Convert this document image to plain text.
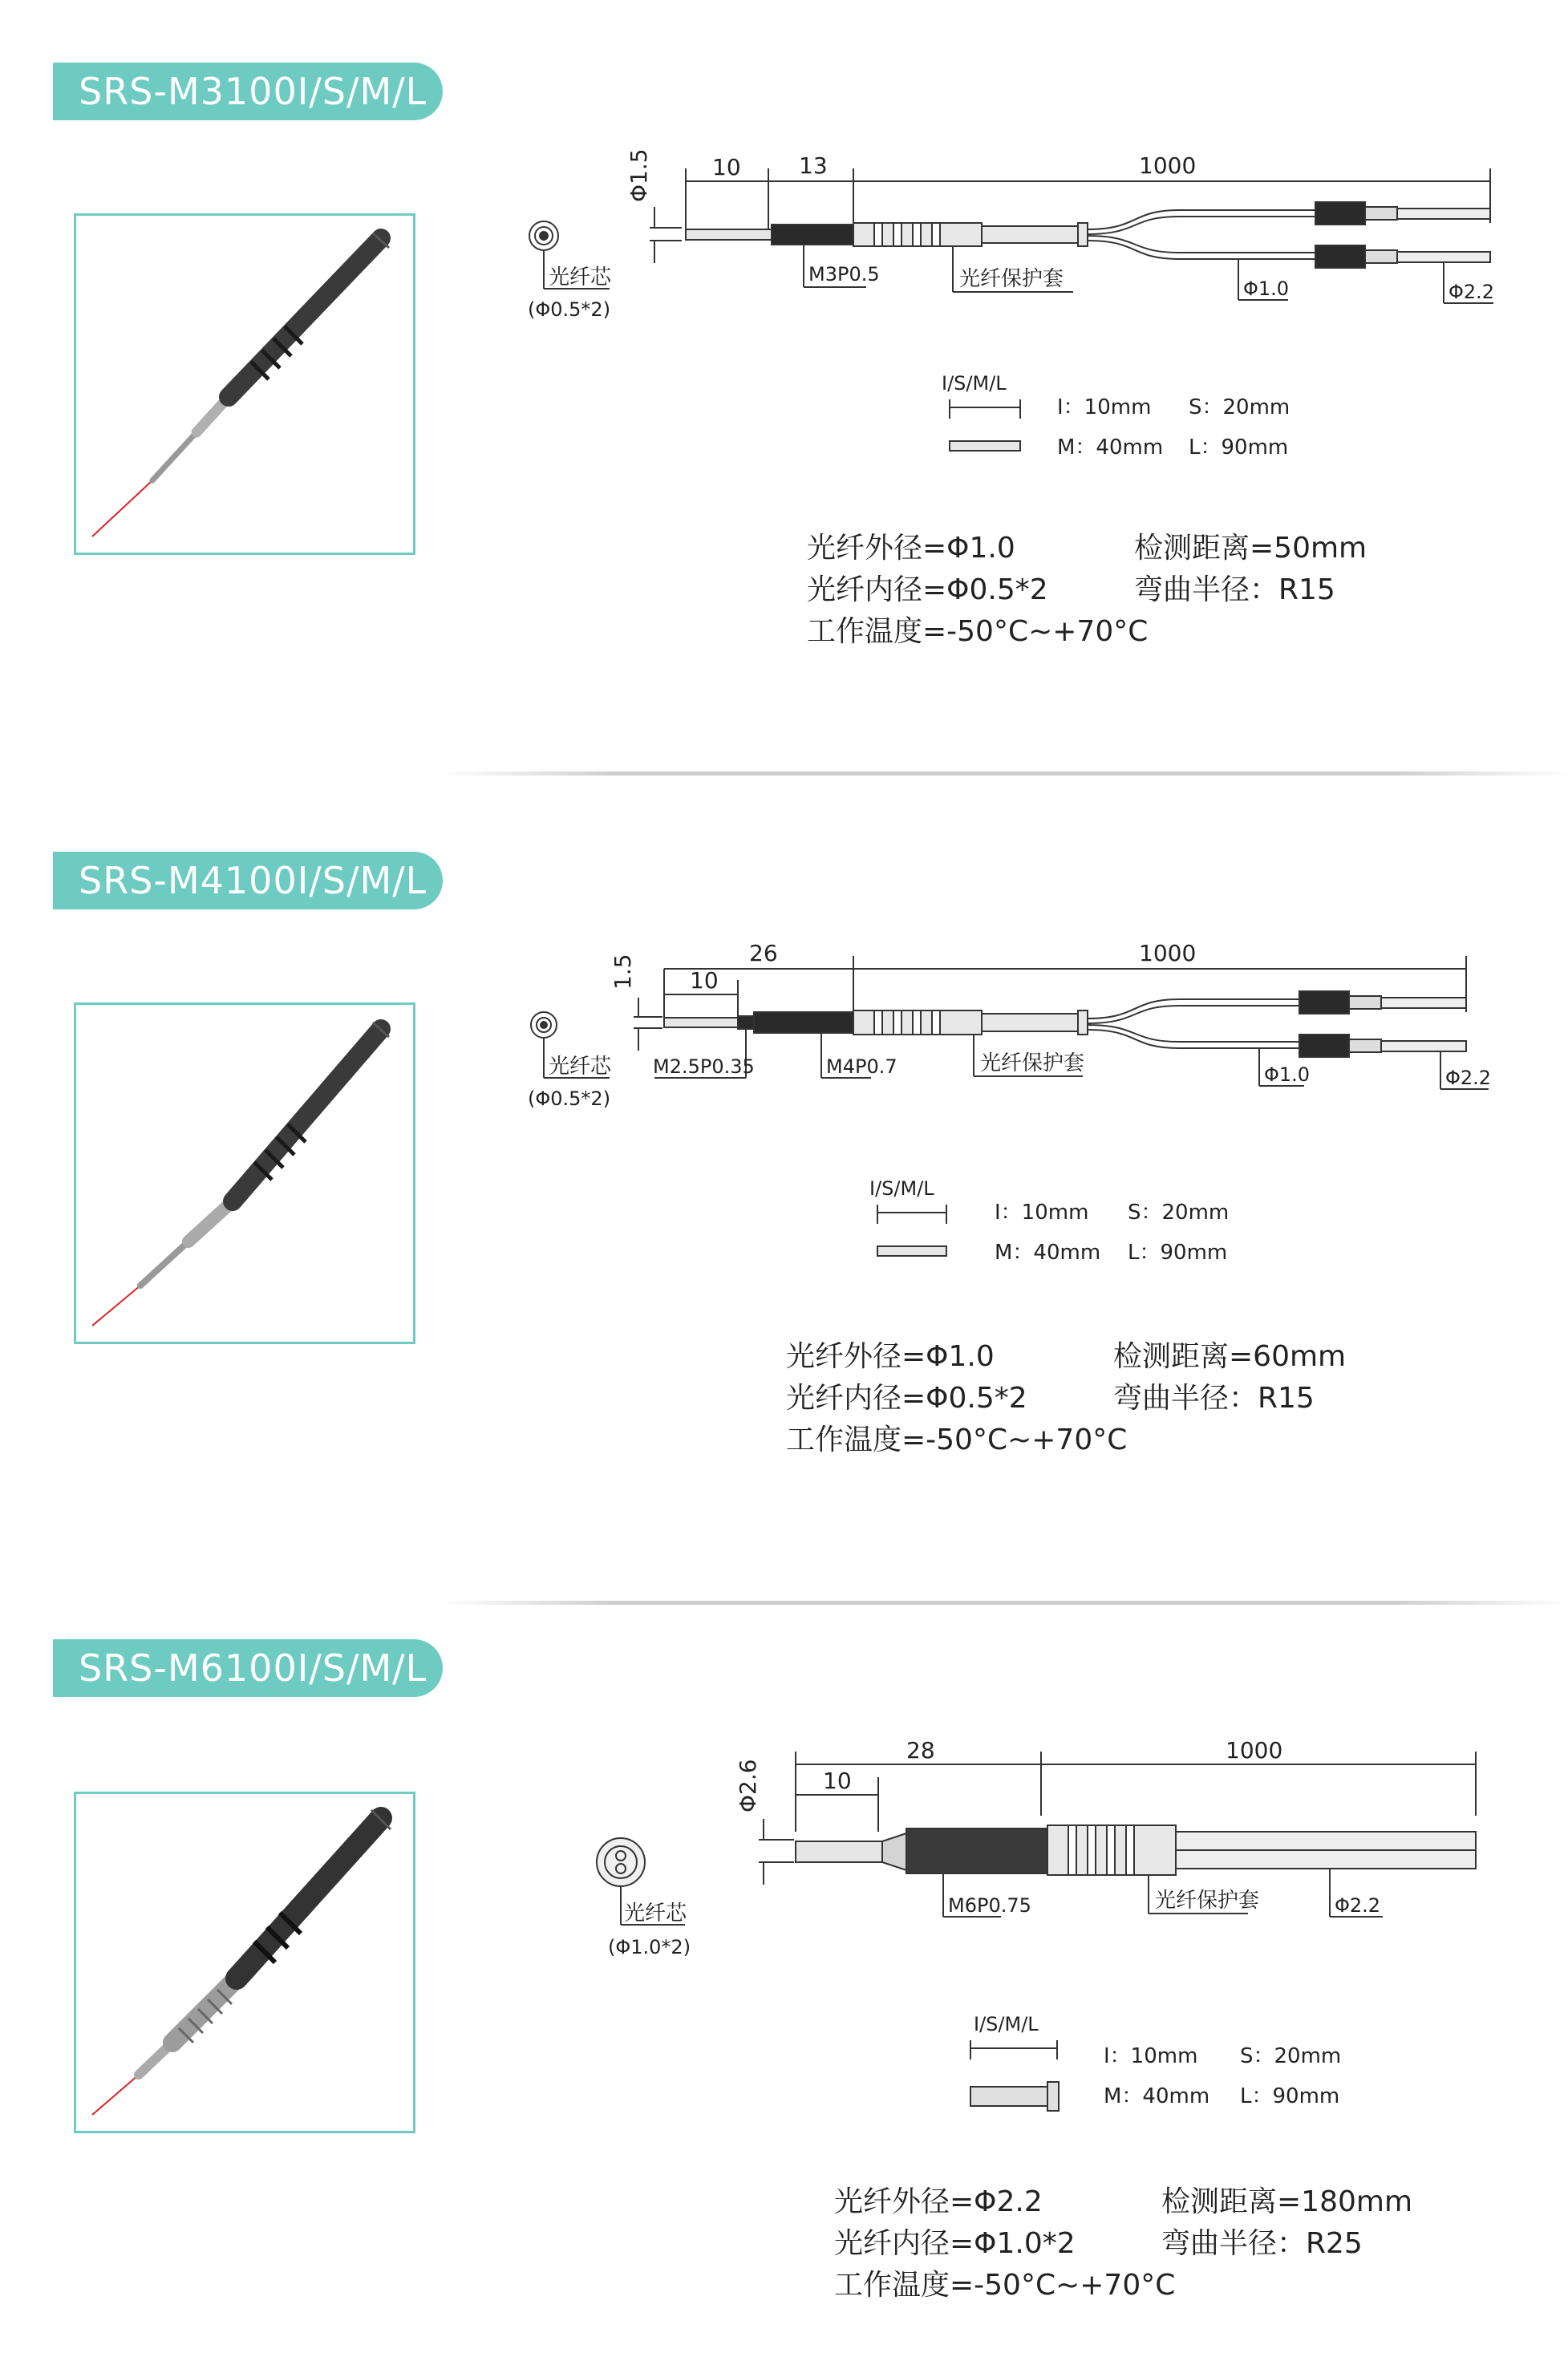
SRS-M3100I/S/M/L
Φ1.5	10	13	1000
M3P0.5	光纤保护套	Φ1.0	Φ2.2
光纤芯
(Φ0.5*2)
I/S/M/L
I：10mm S：20mm
M：40mm L：90mm
光纤外径=Φ1.0
光纤内径=Φ0.5*2
工作温度=-50°C~+70°C
检测距离=50mm
弯曲半径：R15
SRS-M4100I/S/M/L
1.5 10
26	1000
M2.5P0.35	M4P0.7	光纤保护套	Φ1.0	Φ2.2
光纤芯
(Φ0.5*2)
I/S/M/L
I：10mm S：20mm
M：40mm L：90mm
光纤外径=Φ1.0
光纤内径=Φ0.5*2
工作温度=-50°C~+70°C
检测距离=60mm
弯曲半径：R15
SRS-M6100I/S/M/L
Φ2.6	10
28	1000
M6P0.75	光纤保护套	Φ2.2
光纤芯
(Φ1.0*2)
I/S/M/L
I：10mm S：20mm
M：40mm L：90mm
光纤外径=Φ2.2
光纤内径=Φ1.0*2
工作温度=-50°C~+70°C
检测距离=180mm
弯曲半径：R25
